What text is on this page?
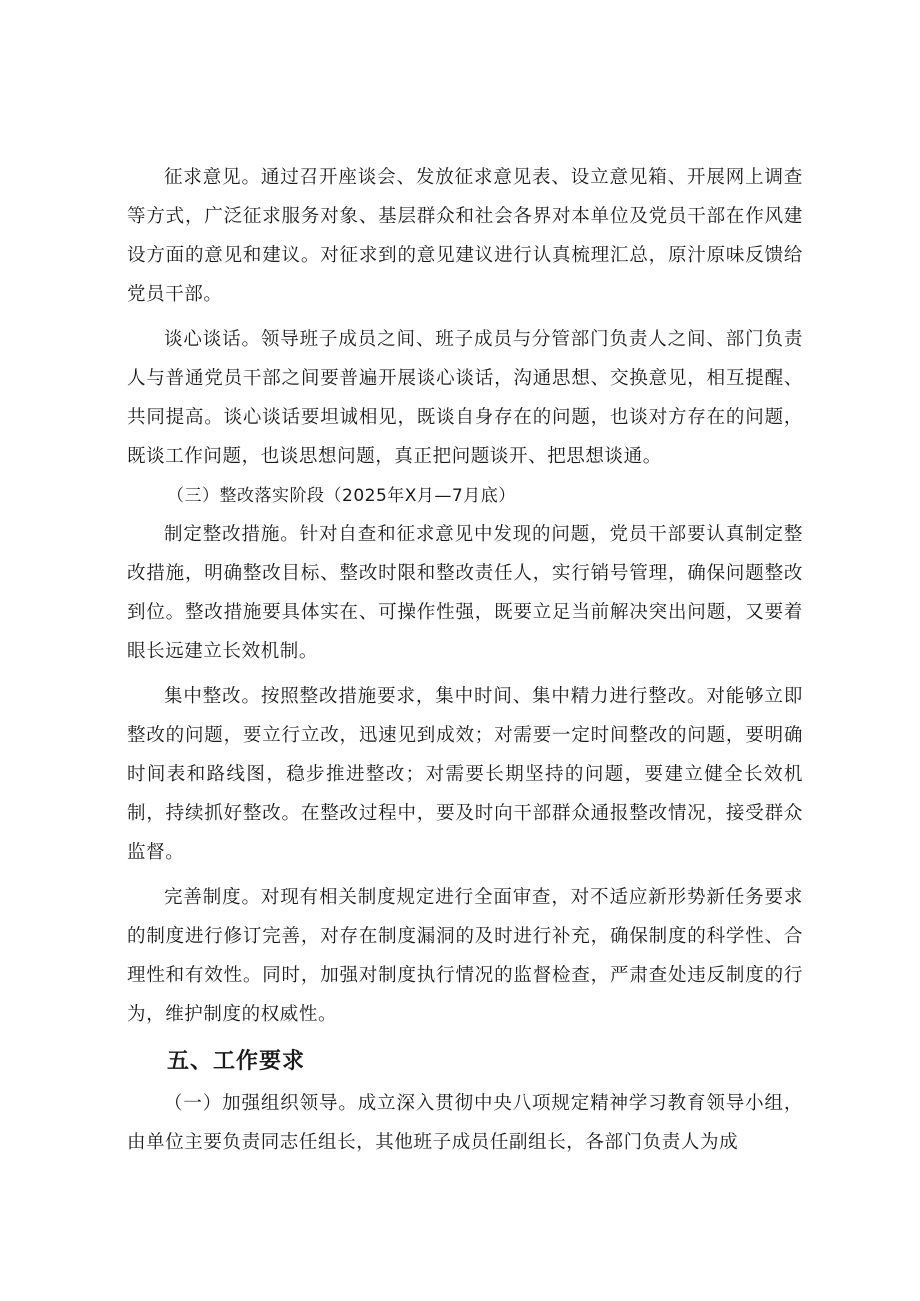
征求意见。通过召开座谈会、发放征求意见表、设立意见箱、开展网上调查等方式，广泛征求服务对象、基层群众和社会各界对本单位及党员干部在作风建设方面的意见和建议。对征求到的意见建议进行认真梳理汇总，原汁原味反馈给党员干部。

谈心谈话。领导班子成员之间、班子成员与分管部门负责人之间、部门负责人与普通党员干部之间要普遍开展谈心谈话，沟通思想、交换意见，相互提醒、共同提高。谈心谈话要坦诚相见，既谈自身存在的问题，也谈对方存在的问题，既谈工作问题，也谈思想问题，真正把问题谈开、把思想谈通。

（三）整改落实阶段（2025年X月—7月底）

制定整改措施。针对自查和征求意见中发现的问题，党员干部要认真制定整改措施，明确整改目标、整改时限和整改责任人，实行销号管理，确保问题整改到位。整改措施要具体实在、可操作性强，既要立足当前解决突出问题，又要着眼长远建立长效机制。

集中整改。按照整改措施要求，集中时间、集中精力进行整改。对能够立即整改的问题，要立行立改，迅速见到成效；对需要一定时间整改的问题，要明确时间表和路线图，稳步推进整改；对需要长期坚持的问题，要建立健全长效机制，持续抓好整改。在整改过程中，要及时向干部群众通报整改情况，接受群众监督。

完善制度。对现有相关制度规定进行全面审查，对不适应新形势新任务要求的制度进行修订完善，对存在制度漏洞的及时进行补充，确保制度的科学性、合理性和有效性。同时，加强对制度执行情况的监督检查，严肃查处违反制度的行为，维护制度的权威性。

五、工作要求

（一）加强组织领导。成立深入贯彻中央八项规定精神学习教育领导小组，由单位主要负责同志任组长，其他班子成员任副组长，各部门负责人为成
